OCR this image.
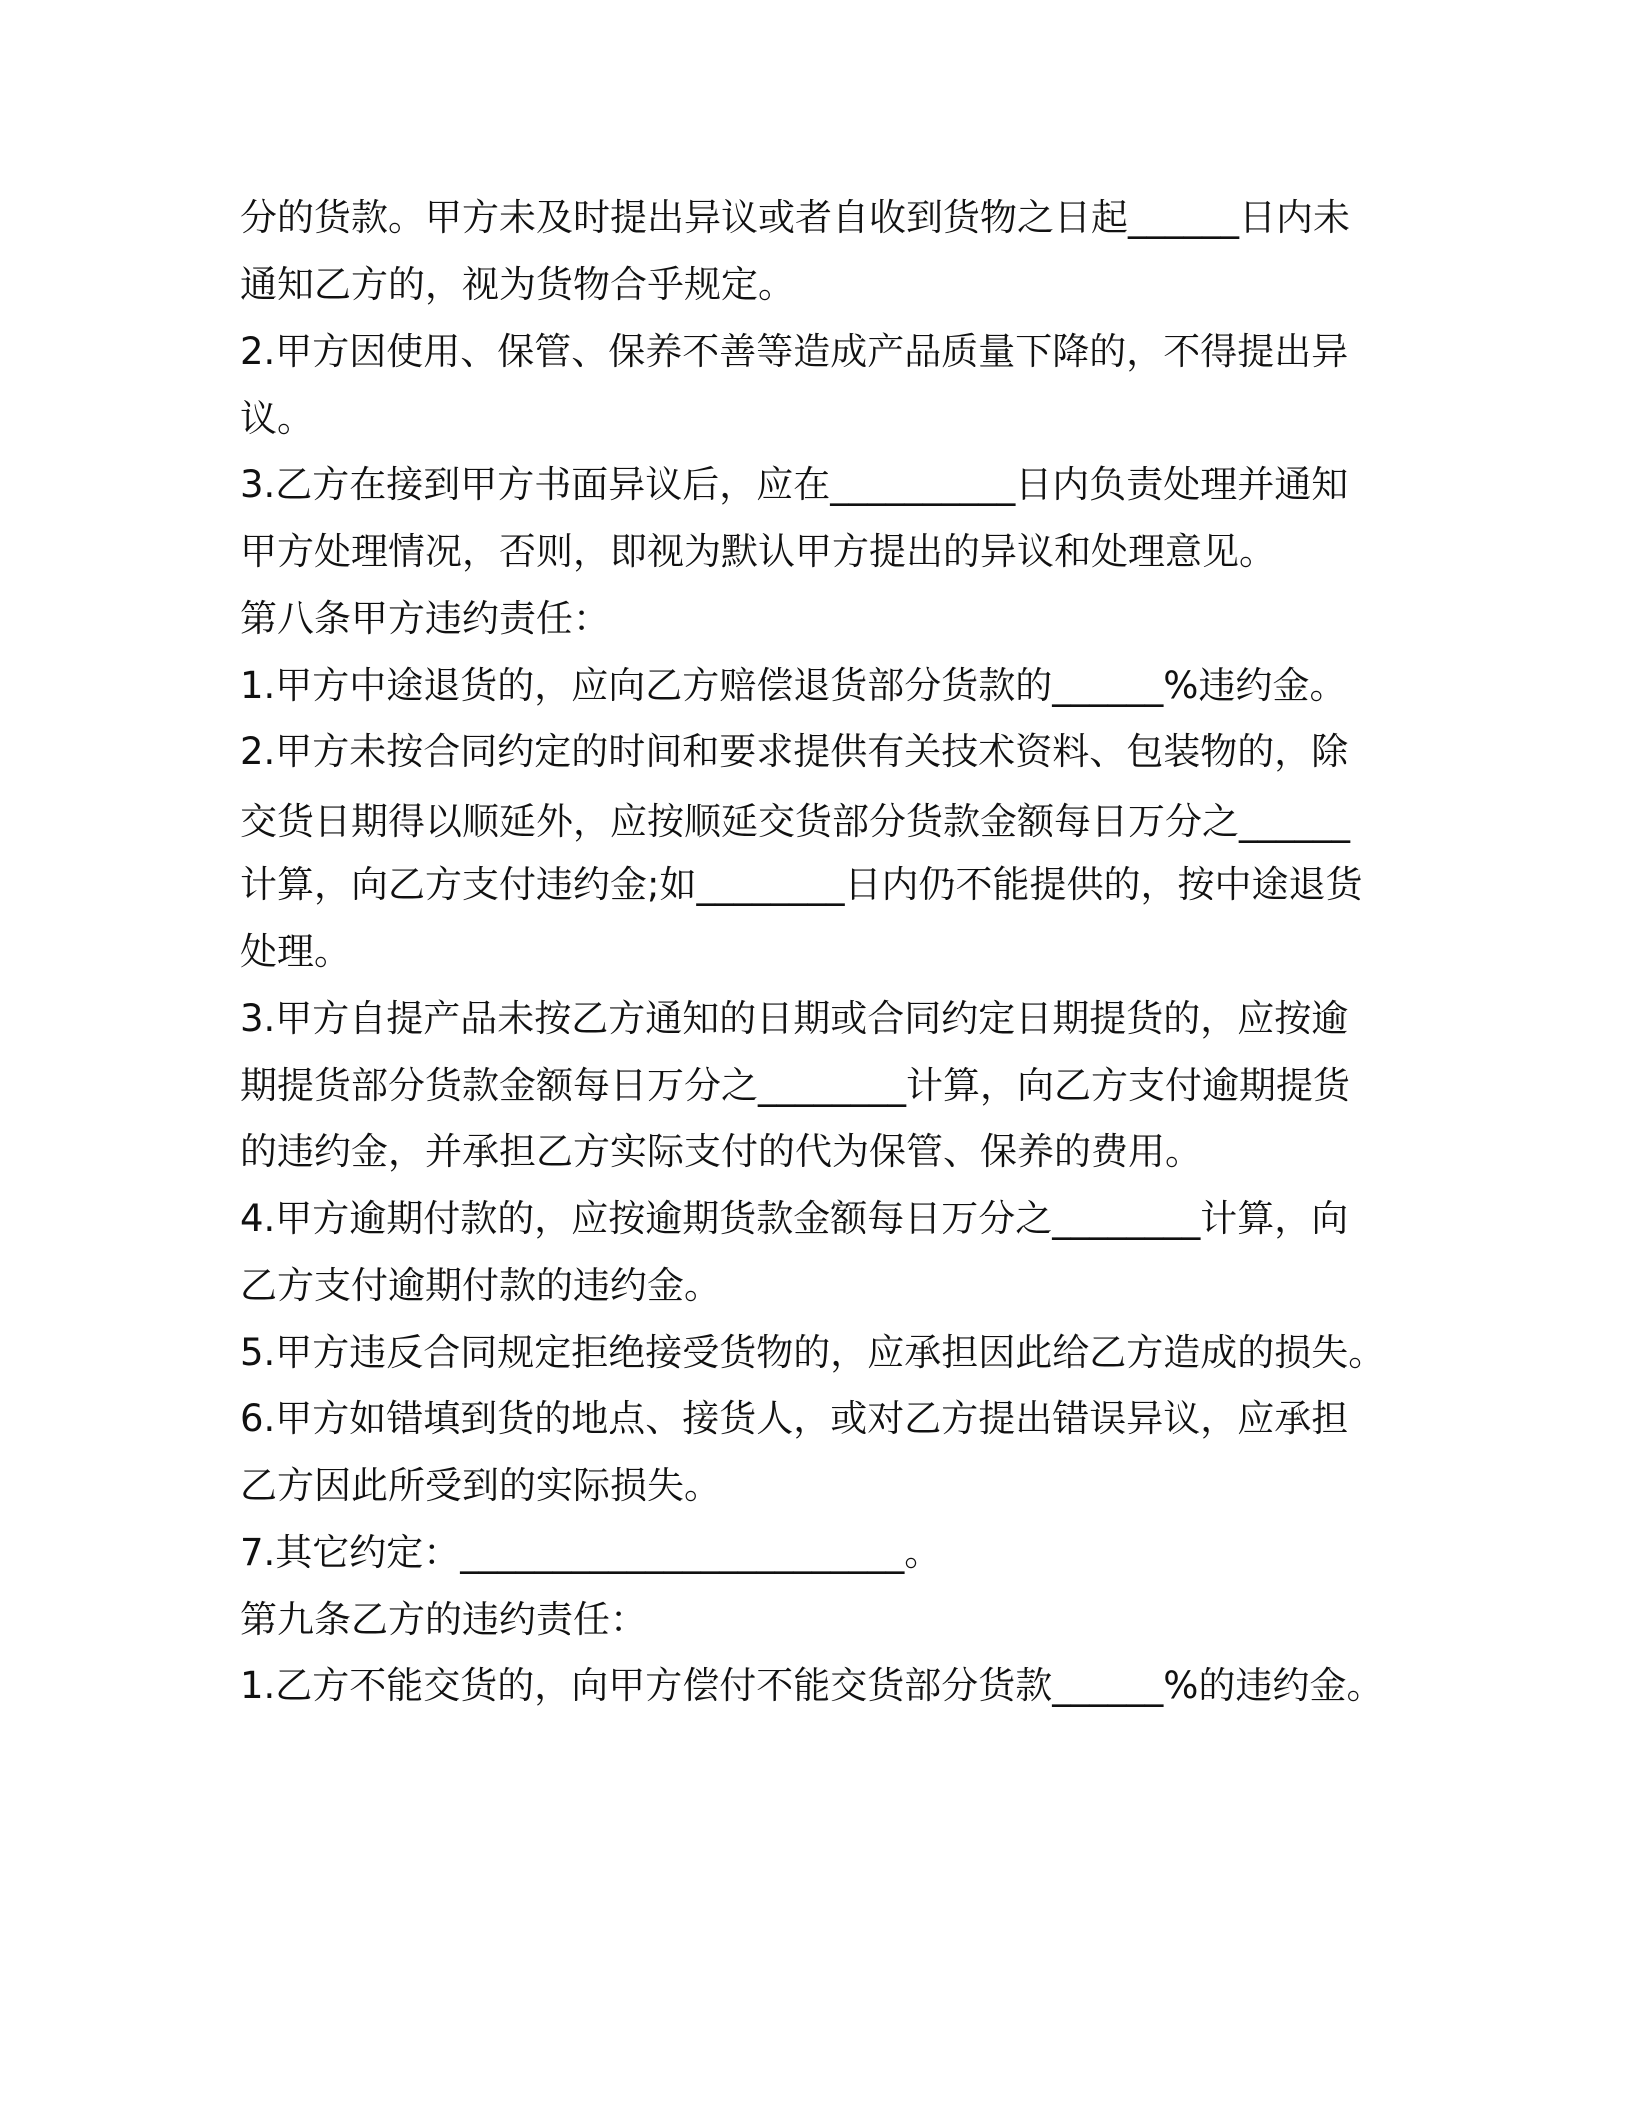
分的货款。甲方未及时提出异议或者自收到货物之日起______日内未
通知乙方的，视为货物合乎规定。
2.甲方因使用、保管、保养不善等造成产品质量下降的，不得提出异
议。
3.乙方在接到甲方书面异议后，应在__________日内负责处理并通知
甲方处理情况，否则，即视为默认甲方提出的异议和处理意见。
第八条甲方违约责任：
1.甲方中途退货的，应向乙方赔偿退货部分货款的______%违约金。
2.甲方未按合同约定的时间和要求提供有关技术资料、包装物的，除
交货日期得以顺延外，应按顺延交货部分货款金额每日万分之______
计算，向乙方支付违约金;如________日内仍不能提供的，按中途退货
处理。
3.甲方自提产品未按乙方通知的日期或合同约定日期提货的，应按逾
期提货部分货款金额每日万分之________计算，向乙方支付逾期提货
的违约金，并承担乙方实际支付的代为保管、保养的费用。
4.甲方逾期付款的，应按逾期货款金额每日万分之________计算，向
乙方支付逾期付款的违约金。
5.甲方违反合同规定拒绝接受货物的，应承担因此给乙方造成的损失。
6.甲方如错填到货的地点、接货人，或对乙方提出错误异议，应承担
乙方因此所受到的实际损失。
7.其它约定：________________________。
第九条乙方的违约责任：
1.乙方不能交货的，向甲方偿付不能交货部分货款______%的违约金。
